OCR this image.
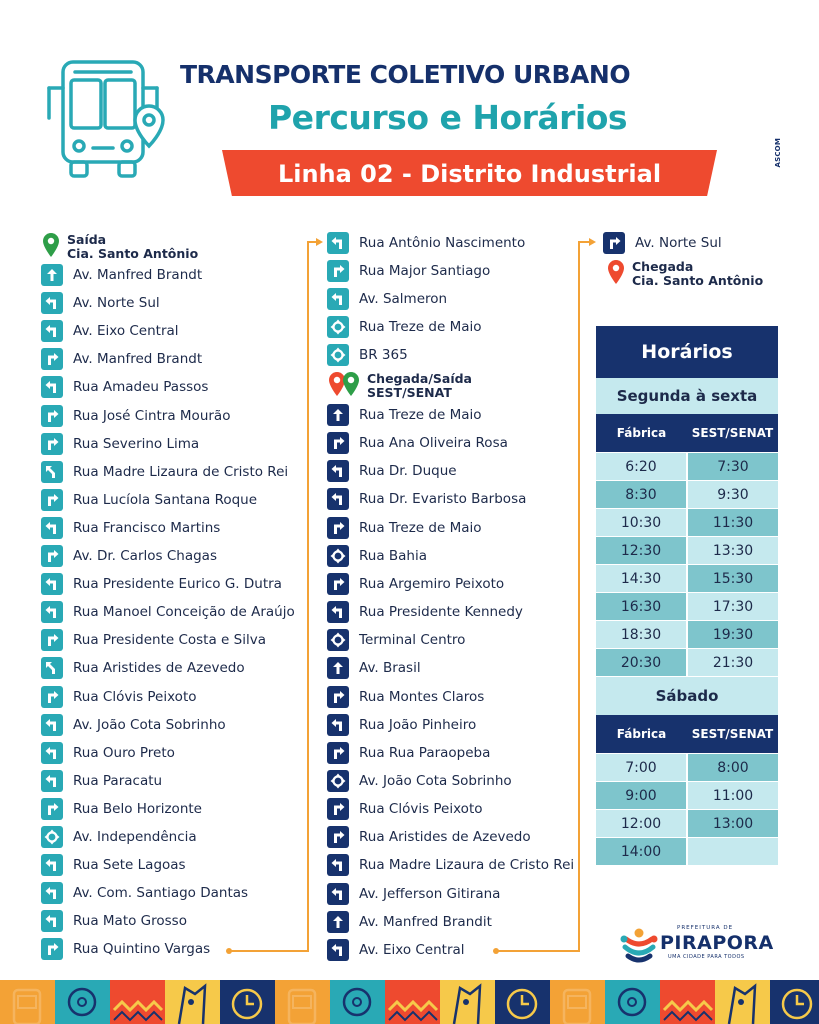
TRANSPORTE COLETIVO URBANO
Percurso e Horários
Linha 02 - Distrito Industrial
ASCOM
Horários
Segunda à sexta
Fábrica	SEST/SENAT
6:20	7:30
8:30	9:30
10:30	11:30
12:30	13:30
14:30	15:30
16:30	17:30
18:30	19:30
20:30	21:30
Sábado
Fábrica	SEST/SENAT
7:00	8:00
9:00	11:00
12:00	13:00
14:00
PREFEITURA DE
PIRAPORA
UMA CIDADE PARA TODOS
Saída
Cia. Santo Antônio
Av. Manfred Brandt
Av. Norte Sul
Av. Eixo Central
Av. Manfred Brandt
Rua Amadeu Passos
Rua José Cintra Mourão
Rua Severino Lima
Rua Madre Lizaura de Cristo Rei
Rua Lucíola Santana Roque
Rua Francisco Martins
Av. Dr. Carlos Chagas
Rua Presidente Eurico G. Dutra
Rua Manoel Conceição de Araújo
Rua Presidente Costa e Silva
Rua Aristides de Azevedo
Rua Clóvis Peixoto
Av. João Cota Sobrinho
Rua Ouro Preto
Rua Paracatu
Rua Belo Horizonte
Av. Independência
Rua Sete Lagoas
Av. Com. Santiago Dantas
Rua Mato Grosso
Rua Quintino Vargas
Rua Antônio Nascimento
Rua Major Santiago
Av. Salmeron
Rua Treze de Maio
BR 365
Chegada/Saída
SEST/SENAT
Rua Treze de Maio
Rua Ana Oliveira Rosa
Rua Dr. Duque
Rua Dr. Evaristo Barbosa
Rua Treze de Maio
Rua Bahia
Rua Argemiro Peixoto
Rua Presidente Kennedy
Terminal Centro
Av. Brasil
Rua Montes Claros
Rua João Pinheiro
Rua Rua Paraopeba
Av. João Cota Sobrinho
Rua Clóvis Peixoto
Rua Aristides de Azevedo
Rua Madre Lizaura de Cristo Rei
Av. Jefferson Gitirana
Av. Manfred Brandit
Av. Eixo Central
Av. Norte Sul
Chegada
Cia. Santo Antônio
